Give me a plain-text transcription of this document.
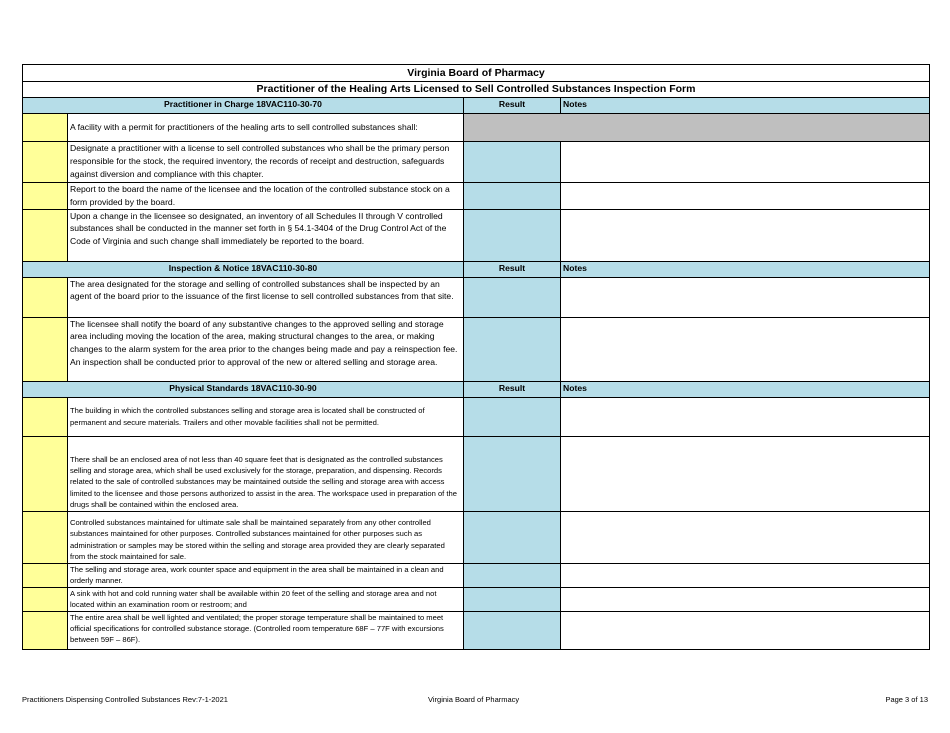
Virginia Board of Pharmacy			
Practitioner of the Healing Arts Licensed to Sell Controlled Substances Inspection Form			
Practitioner in Charge 18VAC110-30-70		Result	Notes
	A facility with a permit for practitioners of the healing arts to sell controlled substances shall:		
	Designate a practitioner with a license to sell controlled substances who shall be the primary person responsible for the stock, the required inventory, the records of receipt and destruction, safeguards against diversion and compliance with this chapter.		
	Report to the board the name of the licensee and the location of the controlled substance stock on a form provided by the board.		
	Upon a change in the licensee so designated, an inventory of all Schedules II through V controlled substances shall be conducted in the manner set forth in § 54.1-3404 of the Drug Control Act of the Code of Virginia and such change shall immediately be reported to the board.		
Inspection & Notice 18VAC110-30-80		Result	Notes
	The area designated for the storage and selling of controlled substances shall be inspected by an agent of the board prior to the issuance of the first license to sell controlled substances from that site.		
	The licensee shall notify the board of any substantive changes to the approved selling and storage area including moving the location of the area, making structural changes to the area, or making changes to the alarm system for the area prior to the changes being made and pay a reinspection fee. An inspection shall be conducted prior to approval of the new or altered selling and storage area.		
Physical Standards 18VAC110-30-90		Result	Notes
	The building in which the controlled substances selling and storage area is located shall be constructed of permanent and secure materials. Trailers and other movable facilities shall not be permitted.		
	There shall be an enclosed area of not less than 40 square feet that is designated as the controlled substances selling and storage area, which shall be used exclusively for the storage, preparation, and dispensing. Records related to the sale of controlled substances may be maintained outside the selling and storage area with access limited to the licensee and those persons authorized to assist in the area. The workspace used in preparation of the drugs shall be contained within the enclosed area.		
	Controlled substances maintained for ultimate sale shall be maintained separately from any other controlled substances maintained for other purposes. Controlled substances maintained for other purposes such as administration or samples may be stored within the selling and storage area provided they are clearly separated from the stock maintained for sale.		
	The selling and storage area, work counter space and equipment in the area shall be maintained in a clean and orderly manner.		
	A sink with hot and cold running water shall be available within 20 feet of the selling and storage area and not located within an examination room or restroom; and		
	The entire area shall be well lighted and ventilated; the proper storage temperature shall be maintained to meet official specifications for controlled substance storage. (Controlled room temperature 68F – 77F with excursions between 59F – 86F).		
Practitioners Dispensing Controlled Substances Rev:7-1-2021	Virginia Board of Pharmacy	Page 3 of 13
